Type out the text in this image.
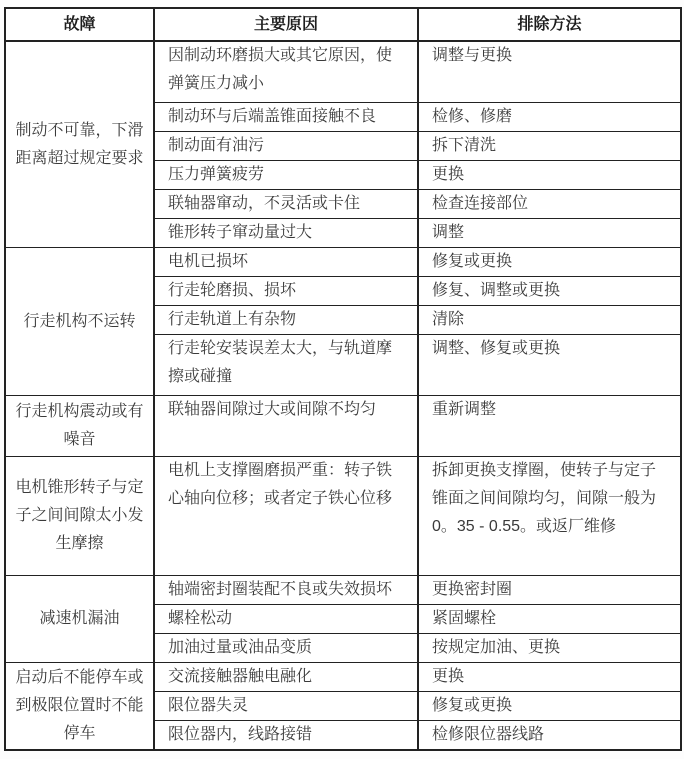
故障	主要原因	排除方法
制动不可靠，下滑距离超过规定要求	因制动环磨损大或其它原因，使弹簧压力减小	调整与更换
	制动环与后端盖锥面接触不良	检修、修磨
	制动面有油污	拆下清洗
	压力弹簧疲劳	更换
	联轴器窜动，不灵活或卡住	检查连接部位
	锥形转子窜动量过大	调整
行走机构不运转	电机已损坏	修复或更换
	行走轮磨损、损坏	修复、调整或更换
	行走轨道上有杂物	清除
	行走轮安装误差太大，与轨道摩擦或碰撞	调整、修复或更换
行走机构震动或有噪音	联轴器间隙过大或间隙不均匀	重新调整
电机锥形转子与定子之间间隙太小发生摩擦	电机上支撑圈磨损严重：转子铁心轴向位移；或者定子铁心位移	拆卸更换支撑圈，使转子与定子锥面之间间隙均匀，间隙一般为0。35 - 0.55。或返厂维修
减速机漏油	轴端密封圈装配不良或失效损坏	更换密封圈
	螺栓松动	紧固螺栓
	加油过量或油品变质	按规定加油、更换
启动后不能停车或到极限位置时不能停车	交流接触器触电融化	更换
	限位器失灵	修复或更换
	限位器内，线路接错	检修限位器线路
